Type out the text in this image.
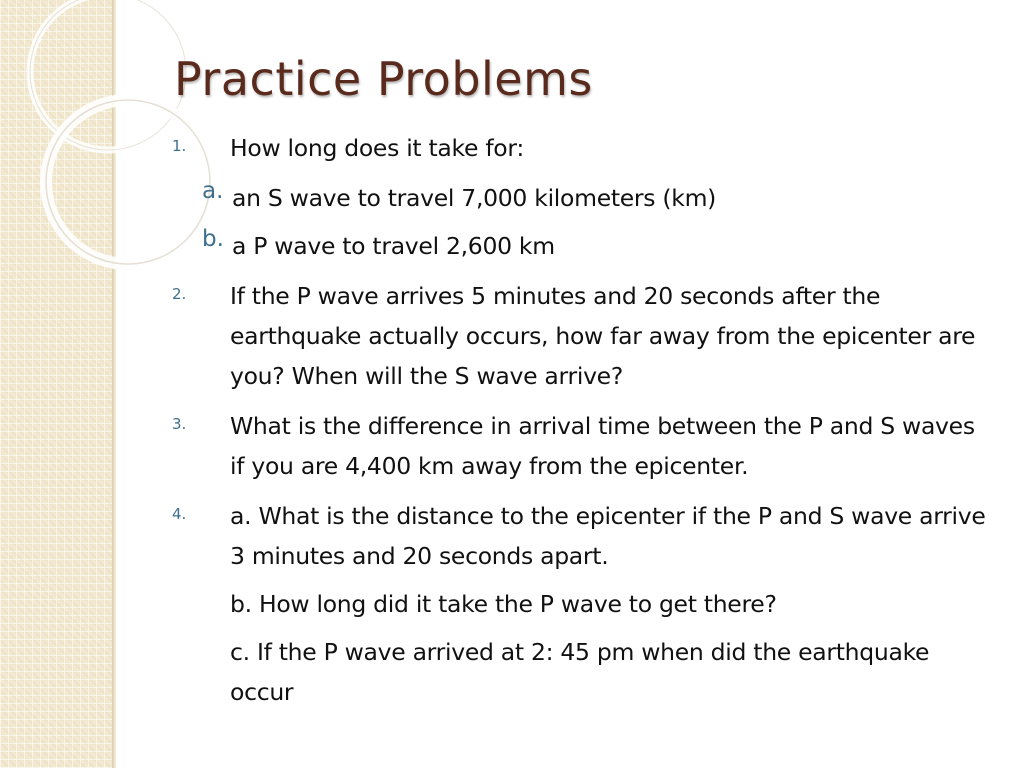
Practice Problems
1.	How long does it take for:
a. an S wave to travel 7,000 kilometers (km)
b. a P wave to travel 2,600 km
2.	If the P wave arrives 5 minutes and 20 seconds after the earthquake actually occurs, how far away from the epicenter are you? When will the S wave arrive?
3.	What is the difference in arrival time between the P and S waves if you are 4,400 km away from the epicenter.
4.	a. What is the distance to the epicenter if the P and S wave arrive 3 minutes and 20 seconds apart.
b. How long did it take the P wave to get there?
c. If the P wave arrived at 2: 45 pm when did the earthquake occur
